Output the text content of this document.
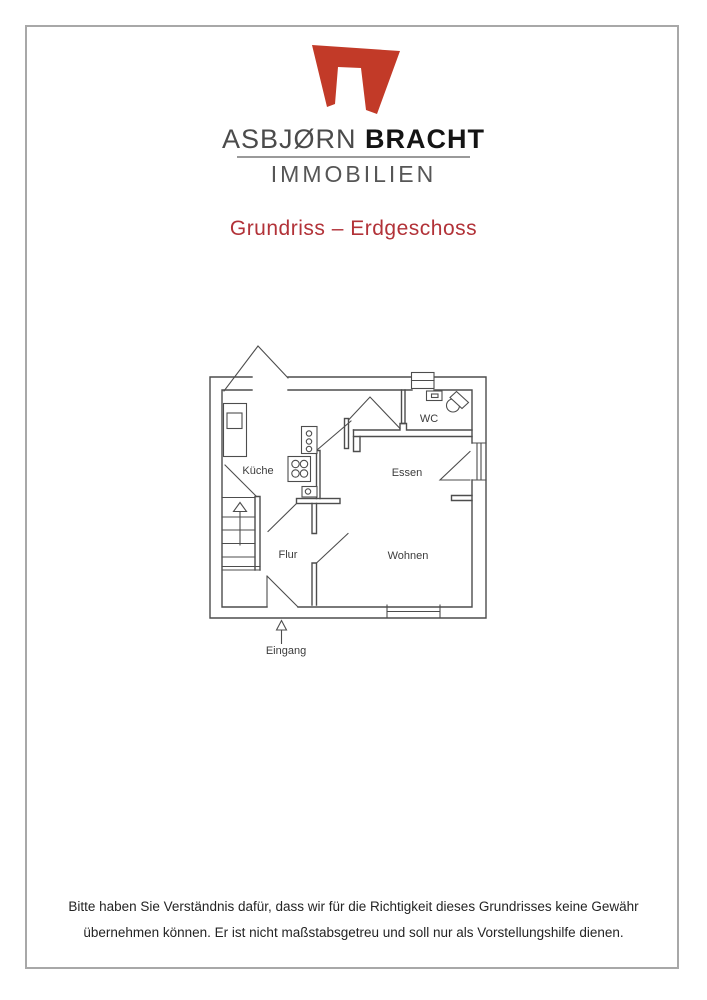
ASBJØRN BRACHT
IMMOBILIEN
Grundriss – Erdgeschoss
Küche
WC
Essen
Flur	Wohnen
Eingang
Bitte haben Sie Verständnis dafür, dass wir für die Richtigkeit dieses Grundrisses keine Gewähr
übernehmen können. Er ist nicht maßstabsgetreu und soll nur als Vorstellungshilfe dienen.
